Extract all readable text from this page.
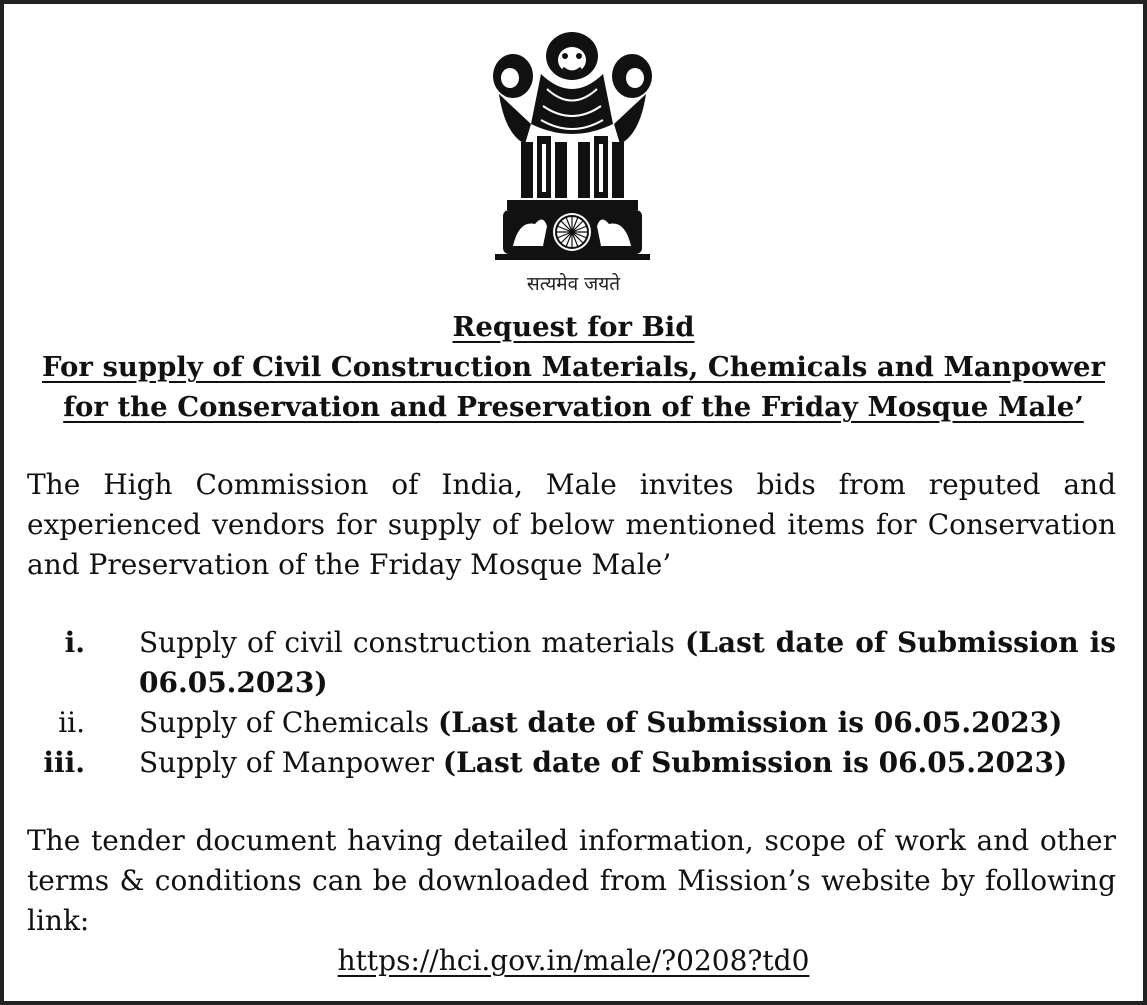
सत्यमेव जयते
Request for Bid
For supply of Civil Construction Materials, Chemicals and Manpower
for the Conservation and Preservation of the Friday Mosque Male’
The High Commission of India, Male invites bids from reputed and experienced vendors for supply of below mentioned items for Conservation and Preservation of the Friday Mosque Male’
i. Supply of civil construction materials (Last date of Submission is 06.05.2023)
ii. Supply of Chemicals (Last date of Submission is 06.05.2023)
iii. Supply of Manpower (Last date of Submission is 06.05.2023)
The tender document having detailed information, scope of work and other terms & conditions can be downloaded from Mission’s website by following link:
https://hci.gov.in/male/?0208?td0
